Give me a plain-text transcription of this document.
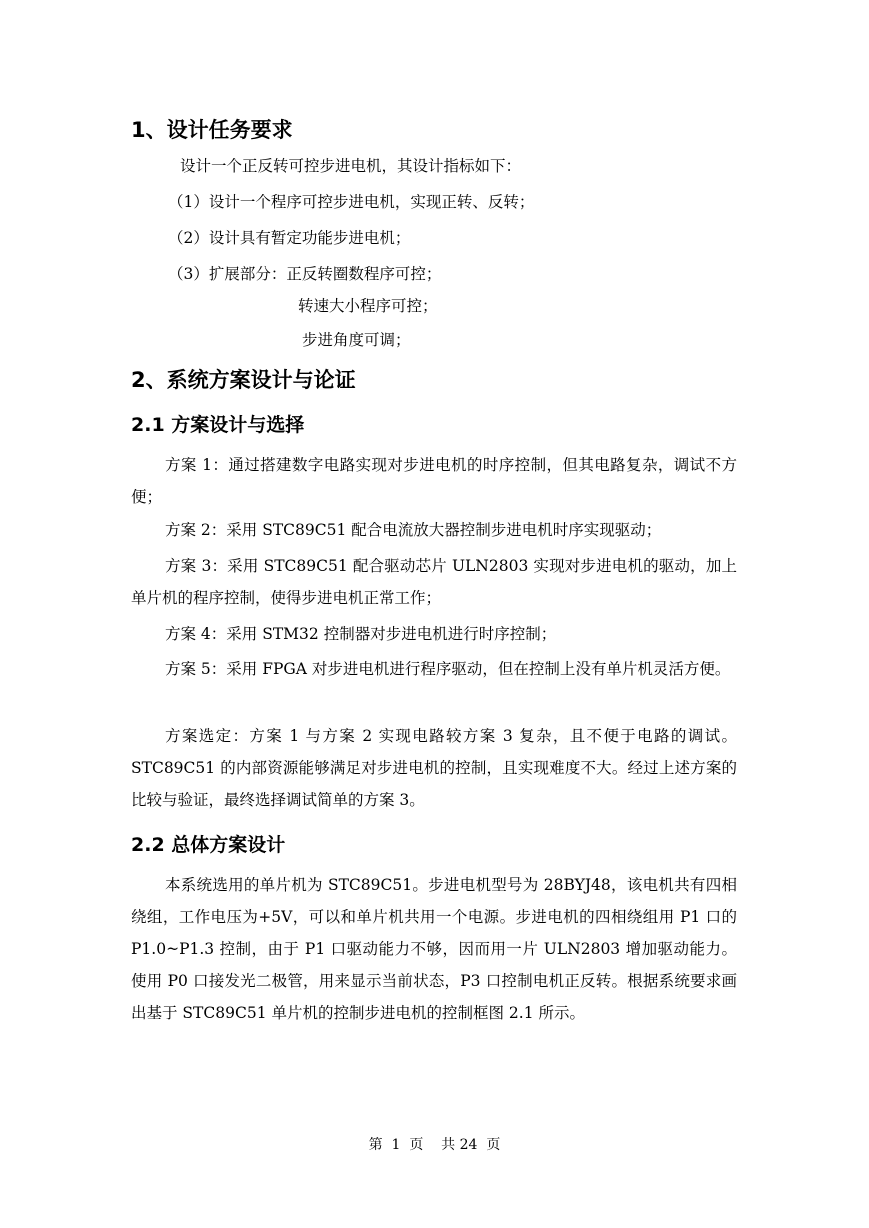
1、设计任务要求

设计一个正反转可控步进电机，其设计指标如下：

（1）设计一个程序可控步进电机，实现正转、反转；

（2）设计具有暂定功能步进电机；

（3）扩展部分：正反转圈数程序可控；

转速大小程序可控；

步进角度可调；

2、系统方案设计与论证
2.1 方案设计与选择

方案 1：通过搭建数字电路实现对步进电机的时序控制，但其电路复杂，调试不方便；

方案 2：采用 STC89C51 配合电流放大器控制步进电机时序实现驱动；

方案 3：采用 STC89C51 配合驱动芯片 ULN2803 实现对步进电机的驱动，加上单片机的程序控制，使得步进电机正常工作；

方案 4：采用 STM32 控制器对步进电机进行时序控制；

方案 5：采用 FPGA 对步进电机进行程序驱动，但在控制上没有单片机灵活方便。

方案选定：方案 1 与方案 2 实现电路较方案 3 复杂，且不便于电路的调试。STC89C51 的内部资源能够满足对步进电机的控制，且实现难度不大。经过上述方案的比较与验证，最终选择调试简单的方案 3。

2.2 总体方案设计

本系统选用的单片机为 STC89C51。步进电机型号为 28BYJ48，该电机共有四相绕组，工作电压为+5V，可以和单片机共用一个电源。步进电机的四相绕组用 P1 口的 P1.0~P1.3 控制，由于 P1 口驱动能力不够，因而用一片 ULN2803 增加驱动能力。使用 P0 口接发光二极管，用来显示当前状态，P3 口控制电机正反转。根据系统要求画出基于 STC89C51 单片机的控制步进电机的控制框图 2.1 所示。

第  1  页    共 24  页
